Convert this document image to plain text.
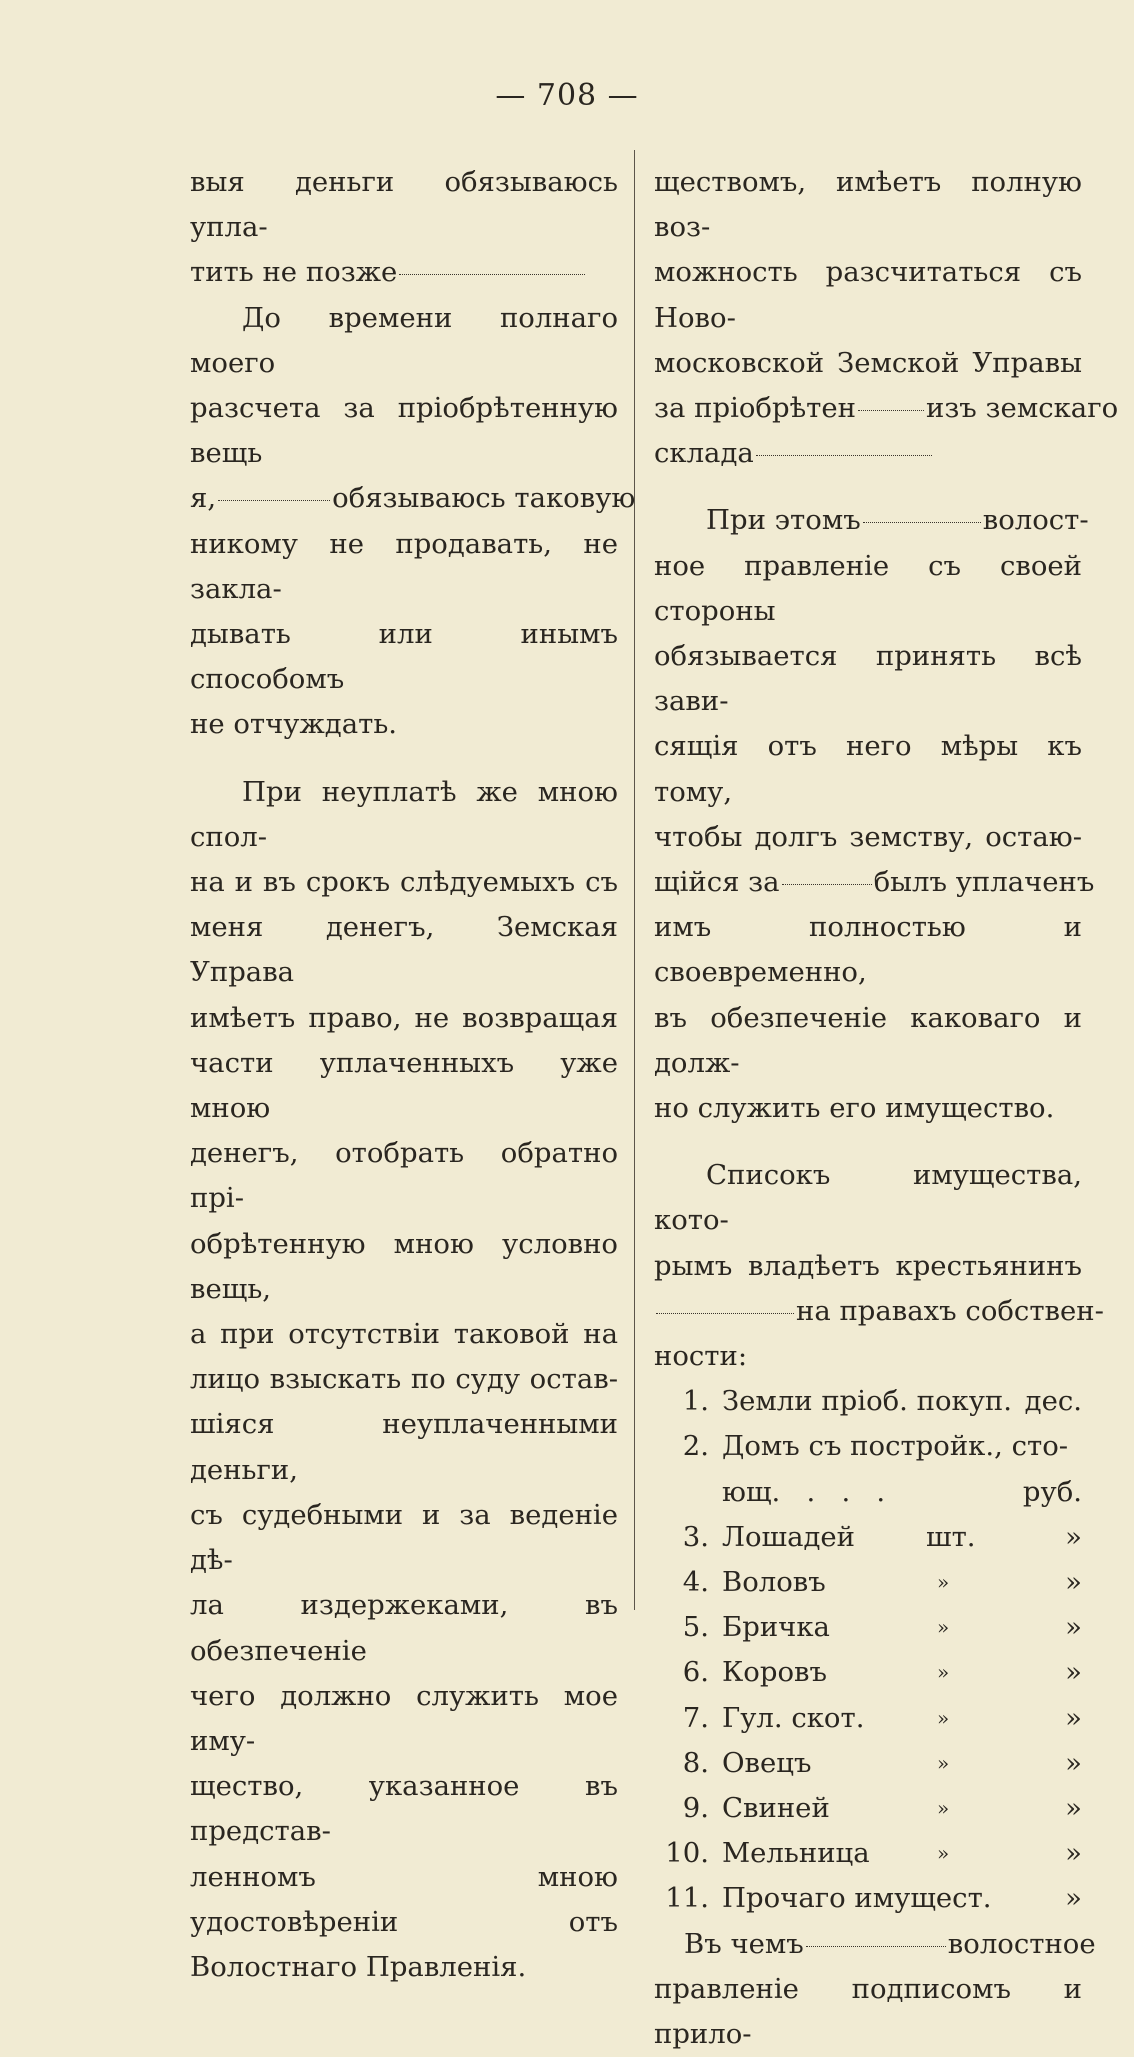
— 708 —
выя деньги обязываюсь упла-
тить не позже
До времени полнаго моего
разсчета за пріобрѣтенную вещь
я,	обязываюсь таковую
никому не продавать, не закла-
дывать или инымъ способомъ
не отчуждать.
При неуплатѣ же мною спол-
на и въ срокъ слѣдуемыхъ съ
меня денегъ, Земская Управа
имѣетъ право, не возвращая
части уплаченныхъ уже мною
денегъ, отобрать обратно прі-
обрѣтенную мною условно вещь,
а при отсутствіи таковой на
лицо взыскать по суду остав-
шіяся неуплаченными деньги,
съ судебными и за веденіе дѣ-
ла издержеками, въ обезпеченіе
чего должно служить мое иму-
щество, указанное въ представ-
ленномъ мною удостовѣреніи отъ
Волостнаго Правленія.
ществомъ, имѣетъ полную воз-
можность разсчитаться съ Ново-
московской Земской Управы
за пріобрѣтен	изъ земскаго
склада
При этомъ	волост-
ное правленіе съ своей стороны
обязывается принять всѣ зави-
сящія отъ него мѣры къ тому,
чтобы долгъ земству, остаю-
щійся за	былъ уплаченъ
имъ полностью и своевременно,
въ обезпеченіе каковаго и долж-
но служить его имущество.
Списокъ имущества, кото-
рымъ владѣетъ крестьянинъ
на правахъ собствен-
ности:
1. Земли пріоб. покуп. дес.
2. Домъ съ постройк., сто-
ющ.   .   .   .	руб.
3. Лошадей	шт.	»
4. Воловъ	»	»
5. Бричка	»	»
6. Коровъ	»	»
7. Гул. скот.	»	»
8. Овецъ	»	»
9. Свиней	»	»
10. Мельница	»	»
11. Прочаго имущест.	»
Въ чемъ	волостное
правленіе подписомъ и прило-
